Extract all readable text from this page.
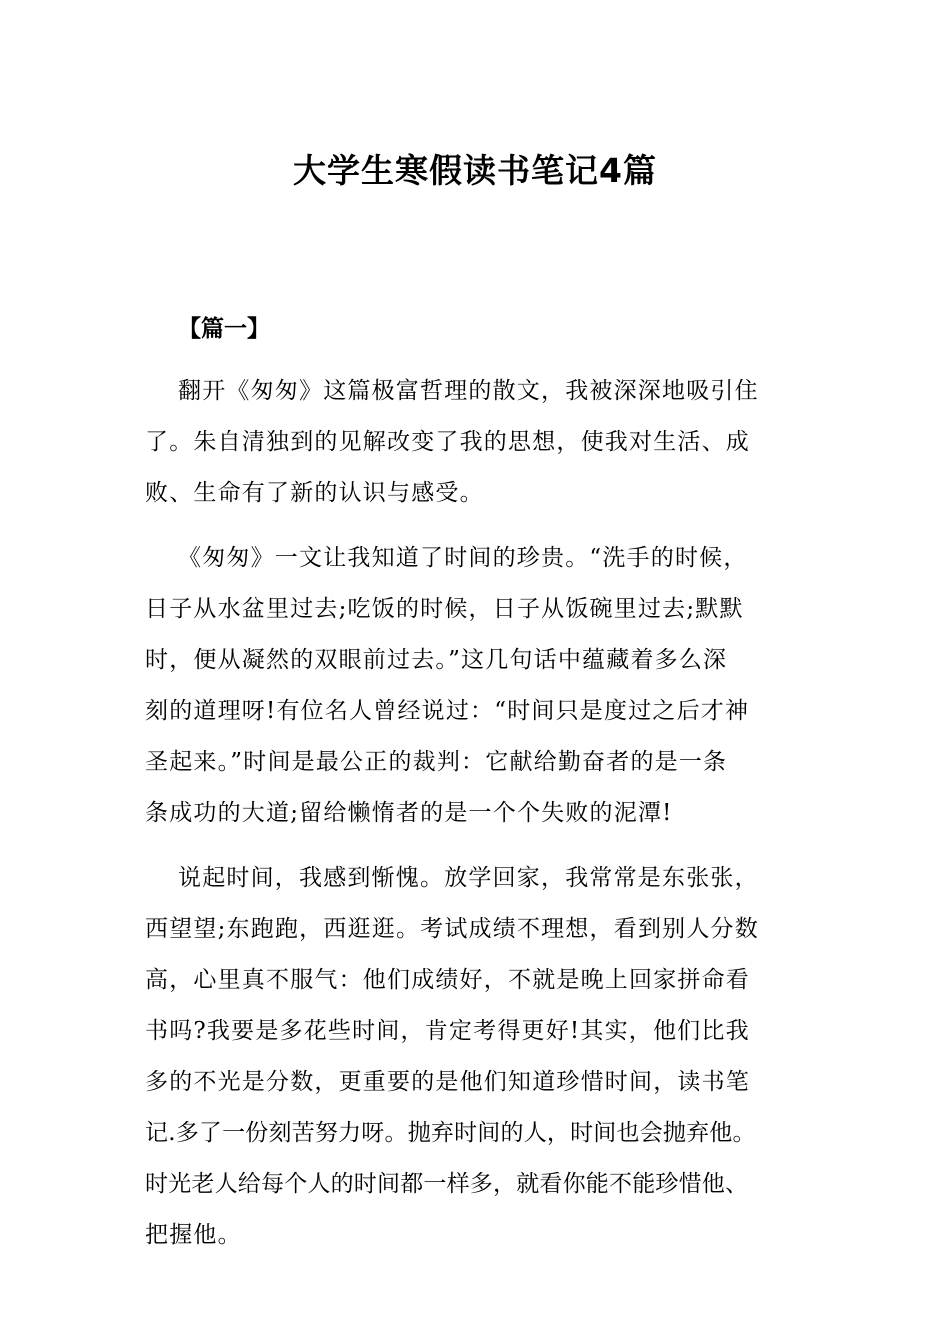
大学生寒假读书笔记4篇
【篇一】
翻开《匆匆》这篇极富哲理的散文，我被深深地吸引住
了。朱自清独到的见解改变了我的思想，使我对生活、成
败、生命有了新的认识与感受。
《匆匆》一文让我知道了时间的珍贵。“洗手的时候，
日子从水盆里过去;吃饭的时候，日子从饭碗里过去;默默
时，便从凝然的双眼前过去。”这几句话中蕴藏着多么深
刻的道理呀!有位名人曾经说过：“时间只是度过之后才神
圣起来。”时间是最公正的裁判：它献给勤奋者的是一条
条成功的大道;留给懒惰者的是一个个失败的泥潭!
说起时间，我感到惭愧。放学回家，我常常是东张张，
西望望;东跑跑，西逛逛。考试成绩不理想，看到别人分数
高，心里真不服气：他们成绩好，不就是晚上回家拼命看
书吗?我要是多花些时间，肯定考得更好!其实，他们比我
多的不光是分数，更重要的是他们知道珍惜时间，读书笔
记.多了一份刻苦努力呀。抛弃时间的人，时间也会抛弃他。
时光老人给每个人的时间都一样多，就看你能不能珍惜他、
把握他。
